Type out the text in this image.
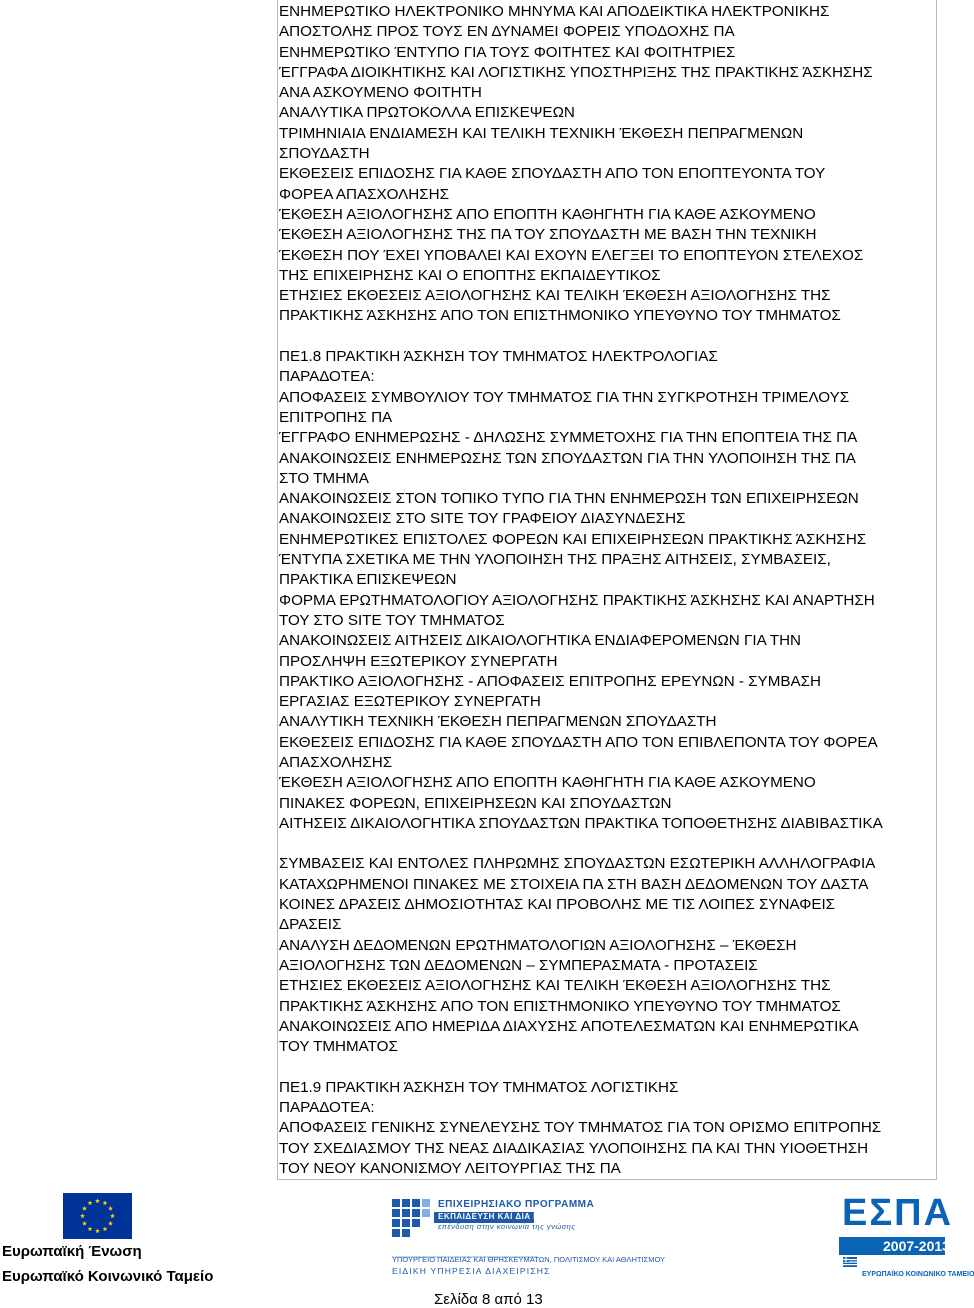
ΕΝΗΜΕΡΩΤΙΚΟ ΗΛΕΚΤΡΟΝΙΚΟ ΜΗΝΥΜΑ ΚΑΙ ΑΠΟΔΕΙΚΤΙΚΑ ΗΛΕΚΤΡΟΝΙΚΗΣ
ΑΠΟΣΤΟΛΗΣ ΠΡΟΣ ΤΟΥΣ ΕΝ ΔΥΝΑΜΕΙ ΦΟΡΕΙΣ ΥΠΟΔΟΧΗΣ ΠΑ
ΕΝΗΜΕΡΩΤΙΚΟ ΈΝΤΥΠΟ ΓΙΑ ΤΟΥΣ ΦΟΙΤΗΤΕΣ ΚΑΙ ΦΟΙΤΗΤΡΙΕΣ
ΈΓΓΡΑΦΑ ΔΙΟΙΚΗΤΙΚΗΣ ΚΑΙ ΛΟΓΙΣΤΙΚΗΣ ΥΠΟΣΤΗΡΙΞΗΣ ΤΗΣ ΠΡΑΚΤΙΚΗΣ ΆΣΚΗΣΗΣ
ΑΝΑ ΑΣΚΟΥΜΕΝΟ ΦΟΙΤΗΤΗ
ΑΝΑΛΥΤΙΚΑ ΠΡΩΤΟΚΟΛΛΑ ΕΠΙΣΚΕΨΕΩΝ
ΤΡΙΜΗΝΙΑΙΑ ΕΝΔΙΑΜΕΣΗ ΚΑΙ ΤΕΛΙΚΗ ΤΕΧΝΙΚΗ ΈΚΘΕΣΗ ΠΕΠΡΑΓΜΕΝΩΝ
ΣΠΟΥΔΑΣΤΗ
ΕΚΘΕΣΕΙΣ ΕΠΙΔΟΣΗΣ ΓΙΑ ΚΑΘΕ ΣΠΟΥΔΑΣΤΗ ΑΠΟ ΤΟΝ ΕΠΟΠΤΕΥΟΝΤΑ ΤΟΥ
ΦΟΡΕΑ ΑΠΑΣΧΟΛΗΣΗΣ
ΈΚΘΕΣΗ ΑΞΙΟΛΟΓΗΣΗΣ ΑΠΟ ΕΠΟΠΤΗ ΚΑΘΗΓΗΤΗ ΓΙΑ ΚΑΘΕ ΑΣΚΟΥΜΕΝΟ
ΈΚΘΕΣΗ ΑΞΙΟΛΟΓΗΣΗΣ ΤΗΣ ΠΑ ΤΟΥ ΣΠΟΥΔΑΣΤΗ ΜΕ ΒΑΣΗ ΤΗΝ ΤΕΧΝΙΚΗ
ΈΚΘΕΣΗ ΠΟΥ ΈΧΕΙ ΥΠΟΒΑΛΕΙ ΚΑΙ ΕΧΟΥΝ ΕΛΕΓΞΕΙ ΤΟ ΕΠΟΠΤΕΥΟΝ ΣΤΕΛΕΧΟΣ
ΤΗΣ ΕΠΙΧΕΙΡΗΣΗΣ ΚΑΙ Ο ΕΠΟΠΤΗΣ ΕΚΠΑΙΔΕΥΤΙΚΟΣ
ΕΤΗΣΙΕΣ ΕΚΘΕΣΕΙΣ ΑΞΙΟΛΟΓΗΣΗΣ ΚΑΙ ΤΕΛΙΚΗ ΈΚΘΕΣΗ ΑΞΙΟΛΟΓΗΣΗΣ ΤΗΣ
ΠΡΑΚΤΙΚΗΣ ΆΣΚΗΣΗΣ ΑΠΟ ΤΟΝ ΕΠΙΣΤΗΜΟΝΙΚΟ ΥΠΕΥΘΥΝΟ ΤΟΥ ΤΜΗΜΑΤΟΣ
ΠΕ1.8 ΠΡΑΚΤΙΚΗ ΆΣΚΗΣΗ ΤΟΥ ΤΜΗΜΑΤΟΣ ΗΛΕΚΤΡΟΛΟΓΙΑΣ
ΠΑΡΑΔΟΤΕΑ:
ΑΠΟΦΑΣΕΙΣ ΣΥΜΒΟΥΛΙΟΥ ΤΟΥ ΤΜΗΜΑΤΟΣ ΓΙΑ ΤΗΝ ΣΥΓΚΡΟΤΗΣΗ ΤΡΙΜΕΛΟΥΣ
ΕΠΙΤΡΟΠΗΣ ΠΑ
ΈΓΓΡΑΦΟ ΕΝΗΜΕΡΩΣΗΣ - ΔΗΛΩΣΗΣ ΣΥΜΜΕΤΟΧΗΣ ΓΙΑ ΤΗΝ ΕΠΟΠΤΕΙΑ ΤΗΣ ΠΑ
ΑΝΑΚΟΙΝΩΣΕΙΣ ΕΝΗΜΕΡΩΣΗΣ ΤΩΝ ΣΠΟΥΔΑΣΤΩΝ ΓΙΑ ΤΗΝ ΥΛΟΠΟΙΗΣΗ ΤΗΣ ΠΑ
ΣΤΟ ΤΜΗΜΑ
ΑΝΑΚΟΙΝΩΣΕΙΣ ΣΤΟΝ ΤΟΠΙΚΟ ΤΥΠΟ ΓΙΑ ΤΗΝ ΕΝΗΜΕΡΩΣΗ ΤΩΝ ΕΠΙΧΕΙΡΗΣΕΩΝ
ΑΝΑΚΟΙΝΩΣΕΙΣ ΣΤΟ SITE ΤΟΥ ΓΡΑΦΕΙΟΥ ΔΙΑΣΥΝΔΕΣΗΣ
ΕΝΗΜΕΡΩΤΙΚΕΣ ΕΠΙΣΤΟΛΕΣ ΦΟΡΕΩΝ ΚΑΙ ΕΠΙΧΕΙΡΗΣΕΩΝ ΠΡΑΚΤΙΚΗΣ ΆΣΚΗΣΗΣ
ΈΝΤΥΠΑ ΣΧΕΤΙΚΑ ΜΕ ΤΗΝ ΥΛΟΠΟΙΗΣΗ ΤΗΣ ΠΡΑΞΗΣ ΑΙΤΗΣΕΙΣ, ΣΥΜΒΑΣΕΙΣ,
ΠΡΑΚΤΙΚΑ ΕΠΙΣΚΕΨΕΩΝ
ΦΟΡΜΑ ΕΡΩΤΗΜΑΤΟΛΟΓΙΟΥ ΑΞΙΟΛΟΓΗΣΗΣ ΠΡΑΚΤΙΚΗΣ ΆΣΚΗΣΗΣ ΚΑΙ ΑΝΑΡΤΗΣΗ
ΤΟΥ ΣΤΟ SITE ΤΟΥ ΤΜΗΜΑΤΟΣ
ΑΝΑΚΟΙΝΩΣΕΙΣ ΑΙΤΗΣΕΙΣ ΔΙΚΑΙΟΛΟΓΗΤΙΚΑ ΕΝΔΙΑΦΕΡΟΜΕΝΩΝ ΓΙΑ ΤΗΝ
ΠΡΟΣΛΗΨΗ ΕΞΩΤΕΡΙΚΟΥ ΣΥΝΕΡΓΑΤΗ
ΠΡΑΚΤΙΚΟ ΑΞΙΟΛΟΓΗΣΗΣ - ΑΠΟΦΑΣΕΙΣ ΕΠΙΤΡΟΠΗΣ ΕΡΕΥΝΩΝ - ΣΥΜΒΑΣΗ
ΕΡΓΑΣΙΑΣ ΕΞΩΤΕΡΙΚΟΥ ΣΥΝΕΡΓΑΤΗ
ΑΝΑΛΥΤΙΚΗ ΤΕΧΝΙΚΗ ΈΚΘΕΣΗ ΠΕΠΡΑΓΜΕΝΩΝ ΣΠΟΥΔΑΣΤΗ
ΕΚΘΕΣΕΙΣ ΕΠΙΔΟΣΗΣ ΓΙΑ ΚΑΘΕ ΣΠΟΥΔΑΣΤΗ ΑΠΟ ΤΟΝ ΕΠΙΒΛΕΠΟΝΤΑ ΤΟΥ ΦΟΡΕΑ
ΑΠΑΣΧΟΛΗΣΗΣ
ΈΚΘΕΣΗ ΑΞΙΟΛΟΓΗΣΗΣ ΑΠΟ ΕΠΟΠΤΗ ΚΑΘΗΓΗΤΗ ΓΙΑ ΚΑΘΕ ΑΣΚΟΥΜΕΝΟ
ΠΙΝΑΚΕΣ ΦΟΡΕΩΝ, ΕΠΙΧΕΙΡΗΣΕΩΝ ΚΑΙ ΣΠΟΥΔΑΣΤΩΝ
ΑΙΤΗΣΕΙΣ ΔΙΚΑΙΟΛΟΓΗΤΙΚΑ ΣΠΟΥΔΑΣΤΩΝ ΠΡΑΚΤΙΚΑ ΤΟΠΟΘΕΤΗΣΗΣ ΔΙΑΒΙΒΑΣΤΙΚΑ
ΣΥΜΒΑΣΕΙΣ ΚΑΙ ΕΝΤΟΛΕΣ ΠΛΗΡΩΜΗΣ ΣΠΟΥΔΑΣΤΩΝ ΕΣΩΤΕΡΙΚΗ ΑΛΛΗΛΟΓΡΑΦΙΑ
ΚΑΤΑΧΩΡΗΜΕΝΟΙ ΠΙΝΑΚΕΣ ΜΕ ΣΤΟΙΧΕΙΑ ΠΑ ΣΤΗ ΒΑΣΗ ΔΕΔΟΜΕΝΩΝ ΤΟΥ ΔΑΣΤΑ
ΚΟΙΝΕΣ ΔΡΑΣΕΙΣ ΔΗΜΟΣΙΟΤΗΤΑΣ ΚΑΙ ΠΡΟΒΟΛΗΣ ΜΕ ΤΙΣ ΛΟΙΠΕΣ ΣΥΝΑΦΕΙΣ
ΔΡΑΣΕΙΣ
ΑΝΑΛΥΣΗ ΔΕΔΟΜΕΝΩΝ ΕΡΩΤΗΜΑΤΟΛΟΓΙΩΝ ΑΞΙΟΛΟΓΗΣΗΣ – ΈΚΘΕΣΗ
ΑΞΙΟΛΟΓΗΣΗΣ ΤΩΝ ΔΕΔΟΜΕΝΩΝ – ΣΥΜΠΕΡΑΣΜΑΤΑ - ΠΡΟΤΑΣΕΙΣ
ΕΤΗΣΙΕΣ ΕΚΘΕΣΕΙΣ ΑΞΙΟΛΟΓΗΣΗΣ ΚΑΙ ΤΕΛΙΚΗ ΈΚΘΕΣΗ ΑΞΙΟΛΟΓΗΣΗΣ ΤΗΣ
ΠΡΑΚΤΙΚΗΣ ΆΣΚΗΣΗΣ ΑΠΟ ΤΟΝ ΕΠΙΣΤΗΜΟΝΙΚΟ ΥΠΕΥΘΥΝΟ ΤΟΥ ΤΜΗΜΑΤΟΣ
ΑΝΑΚΟΙΝΩΣΕΙΣ ΑΠΟ ΗΜΕΡΙΔΑ ΔΙΑΧΥΣΗΣ ΑΠΟΤΕΛΕΣΜΑΤΩΝ ΚΑΙ ΕΝΗΜΕΡΩΤΙΚΑ
ΤΟΥ ΤΜΗΜΑΤΟΣ
ΠΕ1.9 ΠΡΑΚΤΙΚΗ ΆΣΚΗΣΗ ΤΟΥ ΤΜΗΜΑΤΟΣ ΛΟΓΙΣΤΙΚΗΣ
ΠΑΡΑΔΟΤΕΑ:
ΑΠΟΦΑΣΕΙΣ ΓΕΝΙΚΗΣ ΣΥΝΕΛΕΥΣΗΣ ΤΟΥ ΤΜΗΜΑΤΟΣ ΓΙΑ ΤΟΝ ΟΡΙΣΜΟ ΕΠΙΤΡΟΠΗΣ
ΤΟΥ ΣΧΕΔΙΑΣΜΟΥ ΤΗΣ ΝΕΑΣ ΔΙΑΔΙΚΑΣΙΑΣ ΥΛΟΠΟΙΗΣΗΣ ΠΑ ΚΑΙ ΤΗΝ ΥΙΟΘΕΤΗΣΗ
ΤΟΥ ΝΕΟΥ ΚΑΝΟΝΙΣΜΟΥ ΛΕΙΤΟΥΡΓΙΑΣ ΤΗΣ ΠΑ
Ευρωπαϊκή Ένωση
Ευρωπαϊκό Κοινωνικό Ταμείο
ΕΠΙΧΕΙΡΗΣΙΑΚΟ ΠΡΟΓΡΑΜΜΑ
ΕΚΠΑΙΔΕΥΣΗ ΚΑΙ ΔΙΑ ΒΙΟΥ ΜΑΘΗΣΗ
επένδυση στην κοινωνία της γνώσης
ΥΠΟΥΡΓΕΙΟ ΠΑΙΔΕΙΑΣ ΚΑΙ ΘΡΗΣΚΕΥΜΑΤΩΝ, ΠΟΛΙΤΙΣΜΟΥ ΚΑΙ ΑΘΛΗΤΙΣΜΟΥ
ΕΙΔΙΚΗ ΥΠΗΡΕΣΙΑ ΔΙΑΧΕΙΡΙΣΗΣ
ΕΣΠΑ
2007-2013
ΕΥΡΩΠΑΪΚΟ ΚΟΙΝΩΝΙΚΟ ΤΑΜΕΙΟ
Σελίδα 8 από 13
